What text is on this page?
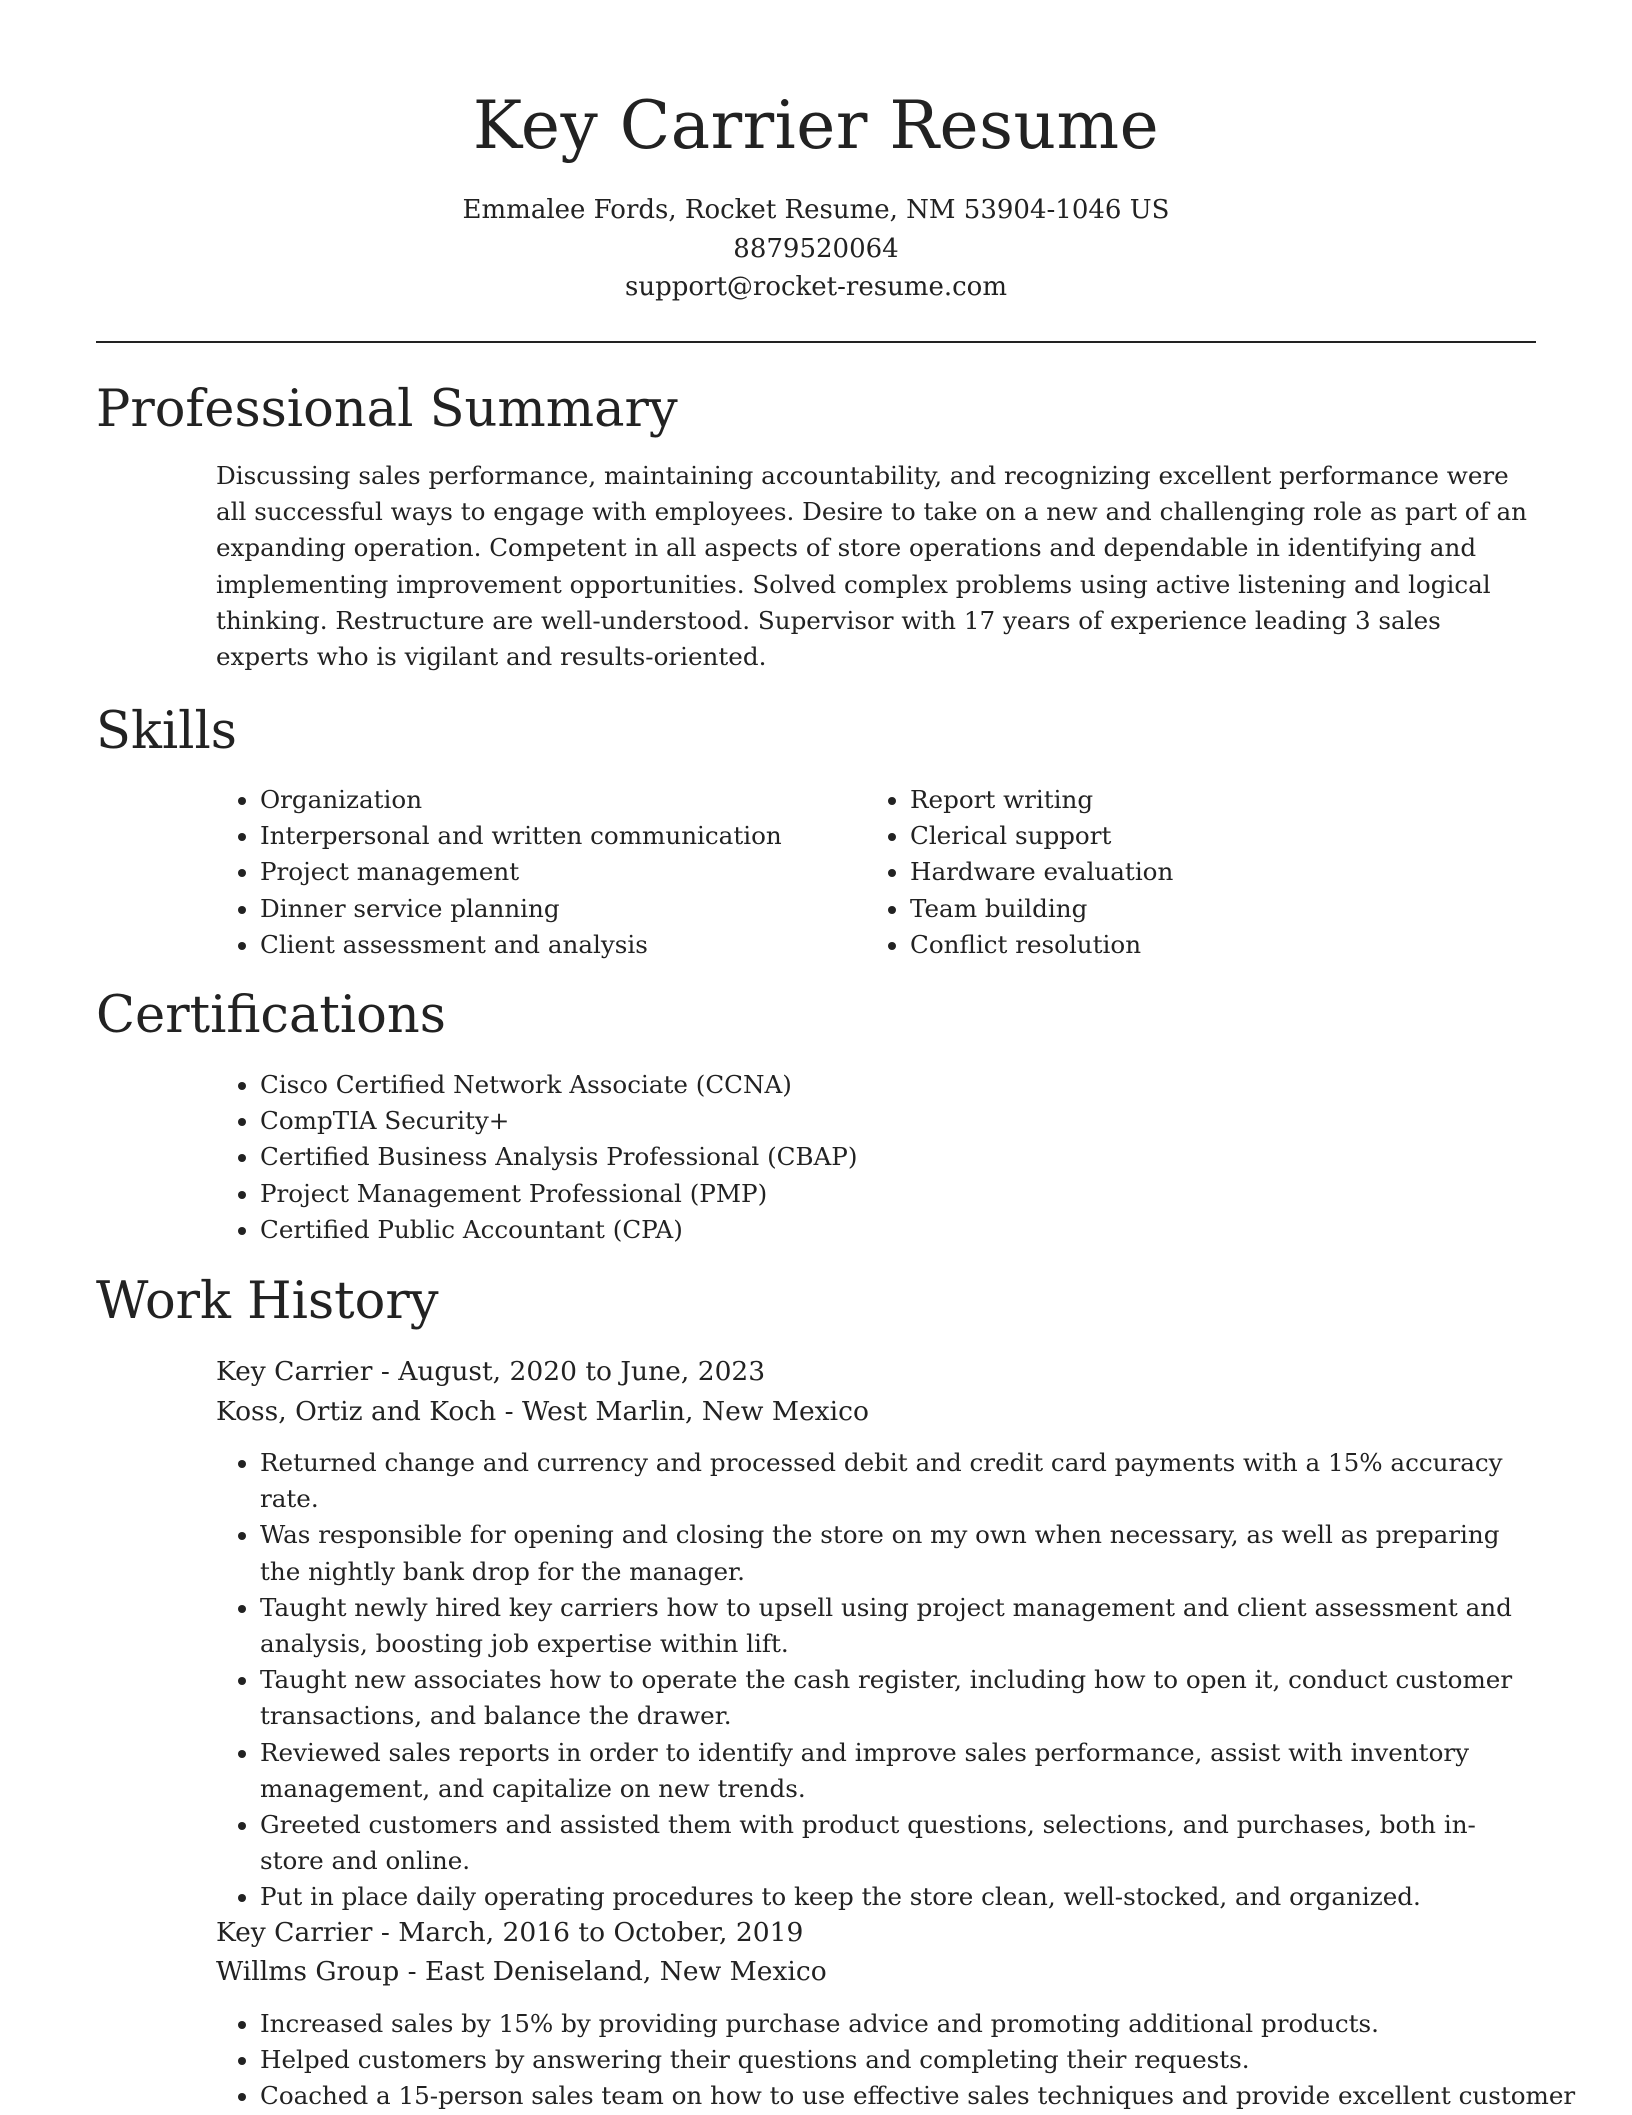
Key Carrier Resume
Emmalee Fords, Rocket Resume, NM 53904-1046 US
8879520064
support@rocket-resume.com
Professional Summary

Discussing sales performance, maintaining accountability, and recognizing excellent performance were all successful ways to engage with employees. Desire to take on a new and challenging role as part of an expanding operation. Competent in all aspects of store operations and dependable in identifying and implementing improvement opportunities. Solved complex problems using active listening and logical thinking. Restructure are well-understood. Supervisor with 17 years of experience leading 3 sales experts who is vigilant and results-oriented.

Skills
• Organization
• Interpersonal and written communication
• Project management
• Dinner service planning
• Client assessment and analysis
• Report writing
• Clerical support
• Hardware evaluation
• Team building
• Conflict resolution
Certifications
• Cisco Certified Network Associate (CCNA)
• CompTIA Security+
• Certified Business Analysis Professional (CBAP)
• Project Management Professional (PMP)
• Certified Public Accountant (CPA)
Work History
Key Carrier - August, 2020 to June, 2023
Koss, Ortiz and Koch - West Marlin, New Mexico
• Returned change and currency and processed debit and credit card payments with a 15% accuracy rate.
• Was responsible for opening and closing the store on my own when necessary, as well as preparing the nightly bank drop for the manager.
• Taught newly hired key carriers how to upsell using project management and client assessment and analysis, boosting job expertise within lift.
• Taught new associates how to operate the cash register, including how to open it, conduct customer transactions, and balance the drawer.
• Reviewed sales reports in order to identify and improve sales performance, assist with inventory management, and capitalize on new trends.
• Greeted customers and assisted them with product questions, selections, and purchases, both in-store and online.
• Put in place daily operating procedures to keep the store clean, well-stocked, and organized.
Key Carrier - March, 2016 to October, 2019
Willms Group - East Deniseland, New Mexico
• Increased sales by 15% by providing purchase advice and promoting additional products.
• Helped customers by answering their questions and completing their requests.
• Coached a 15-person sales team on how to use effective sales techniques and provide excellent customer
